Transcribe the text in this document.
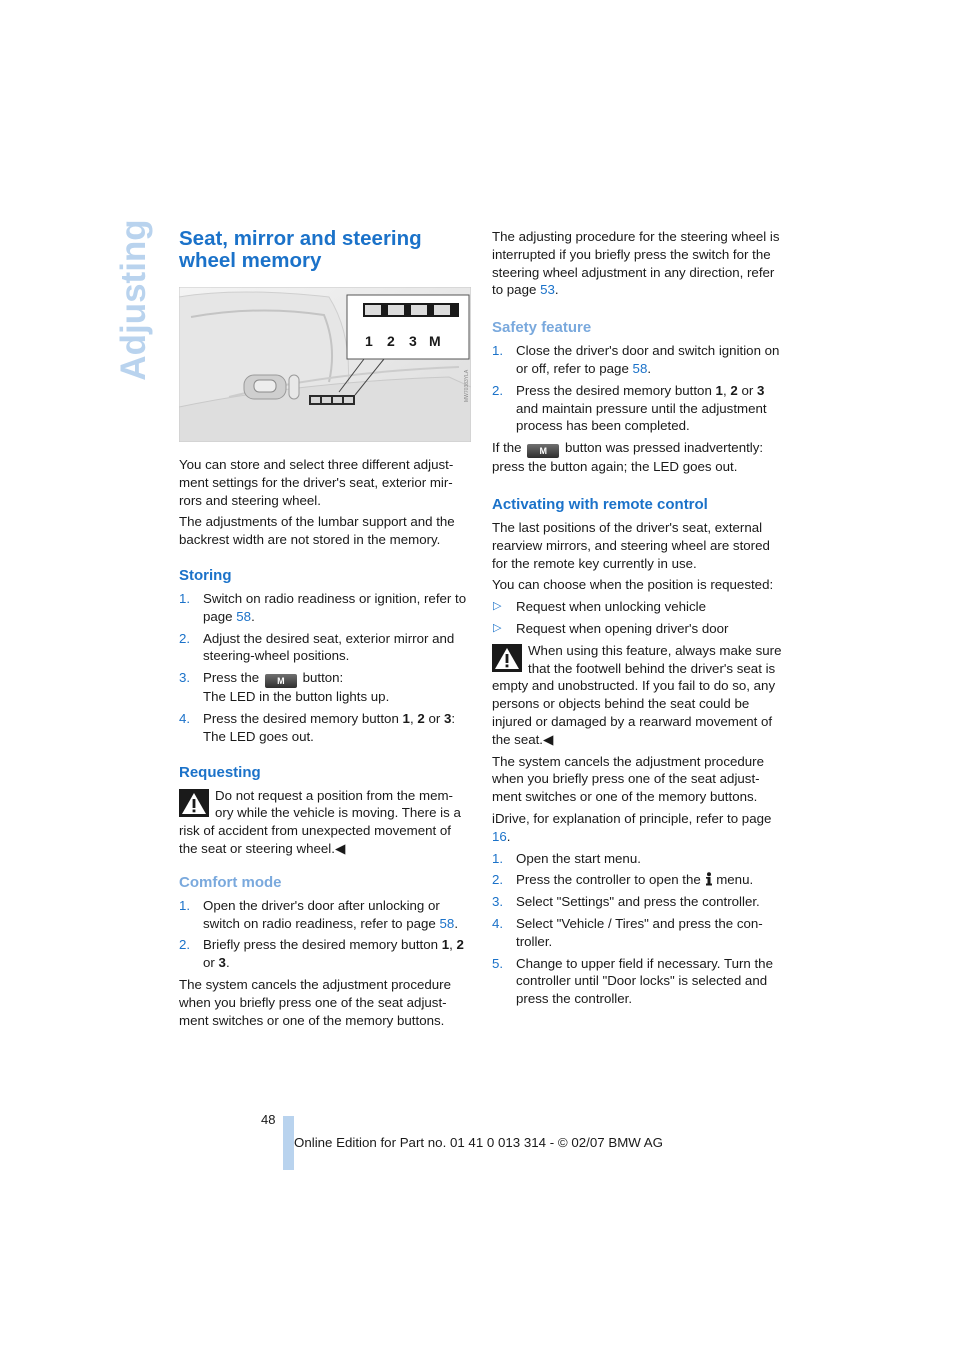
Adjusting Seat, mirror and steering wheel memory
MW70383YLA
1 2 3 M

You can store and select three different adjust-ment settings for the driver's seat, exterior mir-rors and steering wheel.

The adjustments of the lumbar support and the backrest width are not stored in the memory.

Storing
1. Switch on radio readiness or ignition, refer to page 58.
2. Adjust the desired seat, exterior mirror and steering-wheel positions.
3. Press the M button:
The LED in the button lights up.
4. Press the desired memory button 1, 2 or 3:
The LED goes out.
Requesting
Do not request a position from the mem-ory while the vehicle is moving. There is a risk of accident from unexpected movement of the seat or steering wheel.◀
Comfort mode
1. Open the driver's door after unlocking or switch on radio readiness, refer to page 58.
2. Briefly press the desired memory button 1, 2 or 3.

The system cancels the adjustment procedure when you briefly press one of the seat adjust-ment switches or one of the memory buttons.

The adjusting procedure for the steering wheel is interrupted if you briefly press the switch for the steering wheel adjustment in any direction, refer to page 53.

Safety feature
1. Close the driver's door and switch ignition on or off, refer to page 58.
2. Press the desired memory button 1, 2 or 3 and maintain pressure until the adjustment process has been completed.

If the M button was pressed inadvertently: press the button again; the LED goes out.

Activating with remote control

The last positions of the driver's seat, external rearview mirrors, and steering wheel are stored for the remote key currently in use.

You can choose when the position is requested:

▷ Request when unlocking vehicle
▷ Request when opening driver's door
When using this feature, always make sure that the footwell behind the driver's seat is empty and unobstructed. If you fail to do so, any persons or objects behind the seat could be injured or damaged by a rearward movement of the seat.◀

The system cancels the adjustment procedure when you briefly press one of the seat adjust-ment switches or one of the memory buttons.

iDrive, for explanation of principle, refer to page 16.

1. Open the start menu.
2. Press the controller to open the menu.
3. Select "Settings" and press the controller.
4. Select "Vehicle / Tires" and press the con-troller.
5. Change to upper field if necessary. Turn the controller until "Door locks" is selected and press the controller.
48
Online Edition for Part no. 01 41 0 013 314 - © 02/07 BMW AG
